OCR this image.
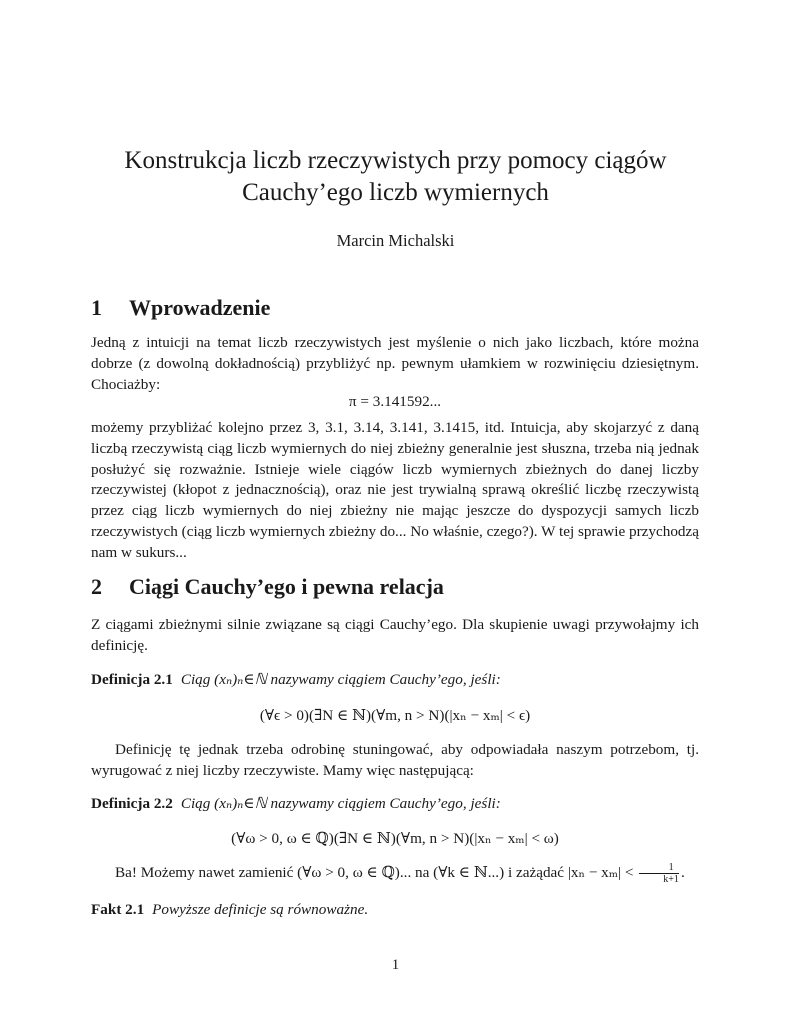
Konstrukcja liczb rzeczywistych przy pomocy ciągów
Cauchy’ego liczb wymiernych
Marcin Michalski
1 Wprowadzenie
Jedną z intuicji na temat liczb rzeczywistych jest myślenie o nich jako liczbach, które można dobrze (z dowolną dokładnością) przybliżyć np. pewnym ułamkiem w rozwinięciu dziesiętnym. Chociażby:
π = 3.141592...
możemy przybliżać kolejno przez 3, 3.1, 3.14, 3.141, 3.1415, itd. Intuicja, aby skojarzyć z daną liczbą rzeczywistą ciąg liczb wymiernych do niej zbieżny generalnie jest słuszna, trzeba nią jednak posłużyć się rozważnie. Istnieje wiele ciągów liczb wymiernych zbieżnych do danej liczby rzeczywistej (kłopot z jednacznością), oraz nie jest trywialną sprawą określić liczbę rzeczywistą przez ciąg liczb wymiernych do niej zbieżny nie mając jeszcze do dyspozycji samych liczb rzeczywistych (ciąg liczb wymiernych zbieżny do... No właśnie, czego?). W tej sprawie przychodzą nam w sukurs...
2 Ciągi Cauchy’ego i pewna relacja
Z ciągami zbieżnymi silnie związane są ciągi Cauchy’ego. Dla skupienie uwagi przywołajmy ich definicję.
Definicja 2.1 Ciąg (xₙ)ₙ∈ℕ nazywamy ciągiem Cauchy’ego, jeśli:
(∀ϵ > 0)(∃N ∈ ℕ)(∀m, n > N)(|xₙ − xₘ| < ϵ)
Definicję tę jednak trzeba odrobinę stuningować, aby odpowiadała naszym potrzebom, tj. wyrugować z niej liczby rzeczywiste. Mamy więc następującą:
Definicja 2.2 Ciąg (xₙ)ₙ∈ℕ nazywamy ciągiem Cauchy’ego, jeśli:
(∀ω > 0, ω ∈ ℚ)(∃N ∈ ℕ)(∀m, n > N)(|xₙ − xₘ| < ω)
Ba! Możemy nawet zamienić (∀ω > 0, ω ∈ ℚ)... na (∀k ∈ ℕ...) i zażądać $|x_n - x_m| < \frac{1}{k+1}$ .
Fakt 2.1 Powyższe definicje są równoważne.
1
